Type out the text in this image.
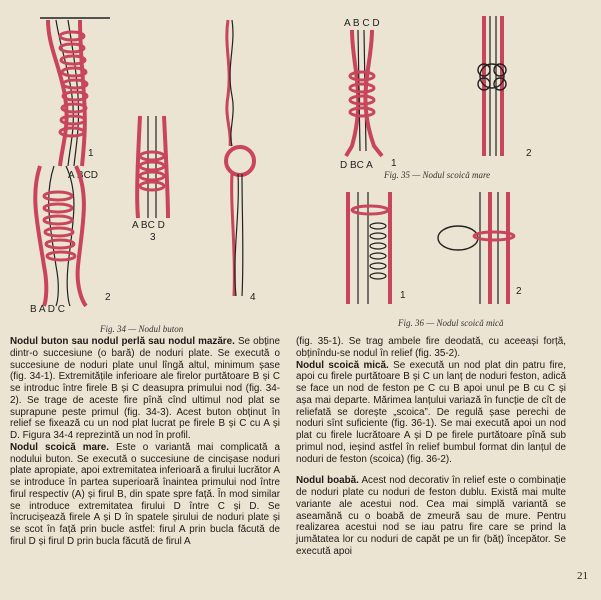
A BCD
1
B A D C
2
A BC D
3
4
Fig. 34 — Nodul buton
A B C D
D BC A 1
2
Fig. 35 — Nodul scoică mare
1	2
Fig. 36 — Nodul scoică mică

Nodul buton sau nodul perlă sau nodul mazăre. Se obține dintr-o succesiune (o bară) de noduri plate. Se execută o succesiune de noduri plate unul lîngă altul, minimum șase (fig. 34-1). Extremitățile inferioare ale firelor purtătoare B și C se introduc între firele B și C deasupra primului nod (fig. 34-2). Se trage de aceste fire pînă cînd ultimul nod plat se suprapune peste primul (fig. 34-3). Acest buton obținut în relief se fixează cu un nod plat lucrat pe firele B și C cu A și D. Figura 34-4 reprezintă un nod în profil.

Nodul scoică mare. Este o variantă mai complicată a nodului buton. Se execută o succesiune de cincișase noduri plate apropiate, apoi extremitatea inferioară a firului lucrător A se introduce în partea superioară înaintea primului nod între firul respectiv (A) și firul B, din spate spre față. În mod similar se introduce extremitatea firului D între C și D. Se încrucișează firele A și D în spatele șirului de noduri plate și se scot în față prin bucle astfel: firul A prin bucla făcută de firul D și firul D prin bucla făcută de firul A

(fig. 35-1). Se trag ambele fire deodată, cu aceeași forță, obținîndu-se nodul în relief (fig. 35-2).

Nodul scoică mică. Se execută un nod plat din patru fire, apoi cu firele purtătoare B și C un lanț de noduri feston, adică se face un nod de feston pe C cu B apoi unul pe B cu C și așa mai departe. Mărimea lanțului variază în funcție de cît de reliefată se dorește „scoica”. De regulă șase perechi de noduri sînt suficiente (fig. 36-1). Se mai execută apoi un nod plat cu firele lucrătoare A și D pe firele purtătoare pînă sub primul nod, ieșind astfel în relief bumbul format din lanțul de noduri de feston (scoica) (fig. 36-2).

Nodul boabă. Acest nod decorativ în relief este o combinație de noduri plate cu noduri de feston dublu. Există mai multe variante ale acestui nod. Cea mai simplă variantă se aseamănă cu o boabă de zmeură sau de mure. Pentru realizarea acestui nod se iau patru fire care se prind la jumătatea lor cu noduri de capăt pe un fir (băț) începător. Se execută apoi

21
